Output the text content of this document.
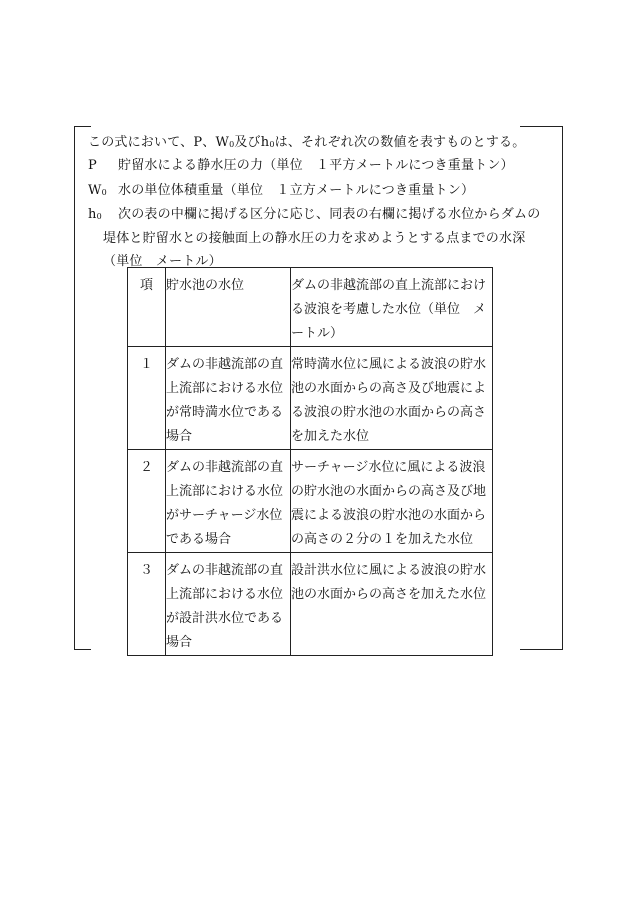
この式において、P、W0及びh0は、それぞれ次の数値を表すものとする。
P 貯留水による静水圧の力（単位　１平方メートルにつき重量トン）
W0 水の単位体積重量（単位　１立方メートルにつき重量トン）
h0 次の表の中欄に掲げる区分に応じ、同表の右欄に掲げる水位からダムの
堤体と貯留水との接触面上の静水圧の力を求めようとする点までの水深
（単位　メートル）
項	貯水池の水位	ダムの非越流部の直上流部における波浪を考慮した水位（単位　メートル）
１	ダムの非越流部の直上流部における水位が常時満水位である場合	常時満水位に風による波浪の貯水池の水面からの高さ及び地震による波浪の貯水池の水面からの高さを加えた水位
２	ダムの非越流部の直上流部における水位がサーチャージ水位である場合	サーチャージ水位に風による波浪の貯水池の水面からの高さ及び地震による波浪の貯水池の水面からの高さの２分の１を加えた水位
３	ダムの非越流部の直上流部における水位が設計洪水位である場合	設計洪水位に風による波浪の貯水池の水面からの高さを加えた水位
